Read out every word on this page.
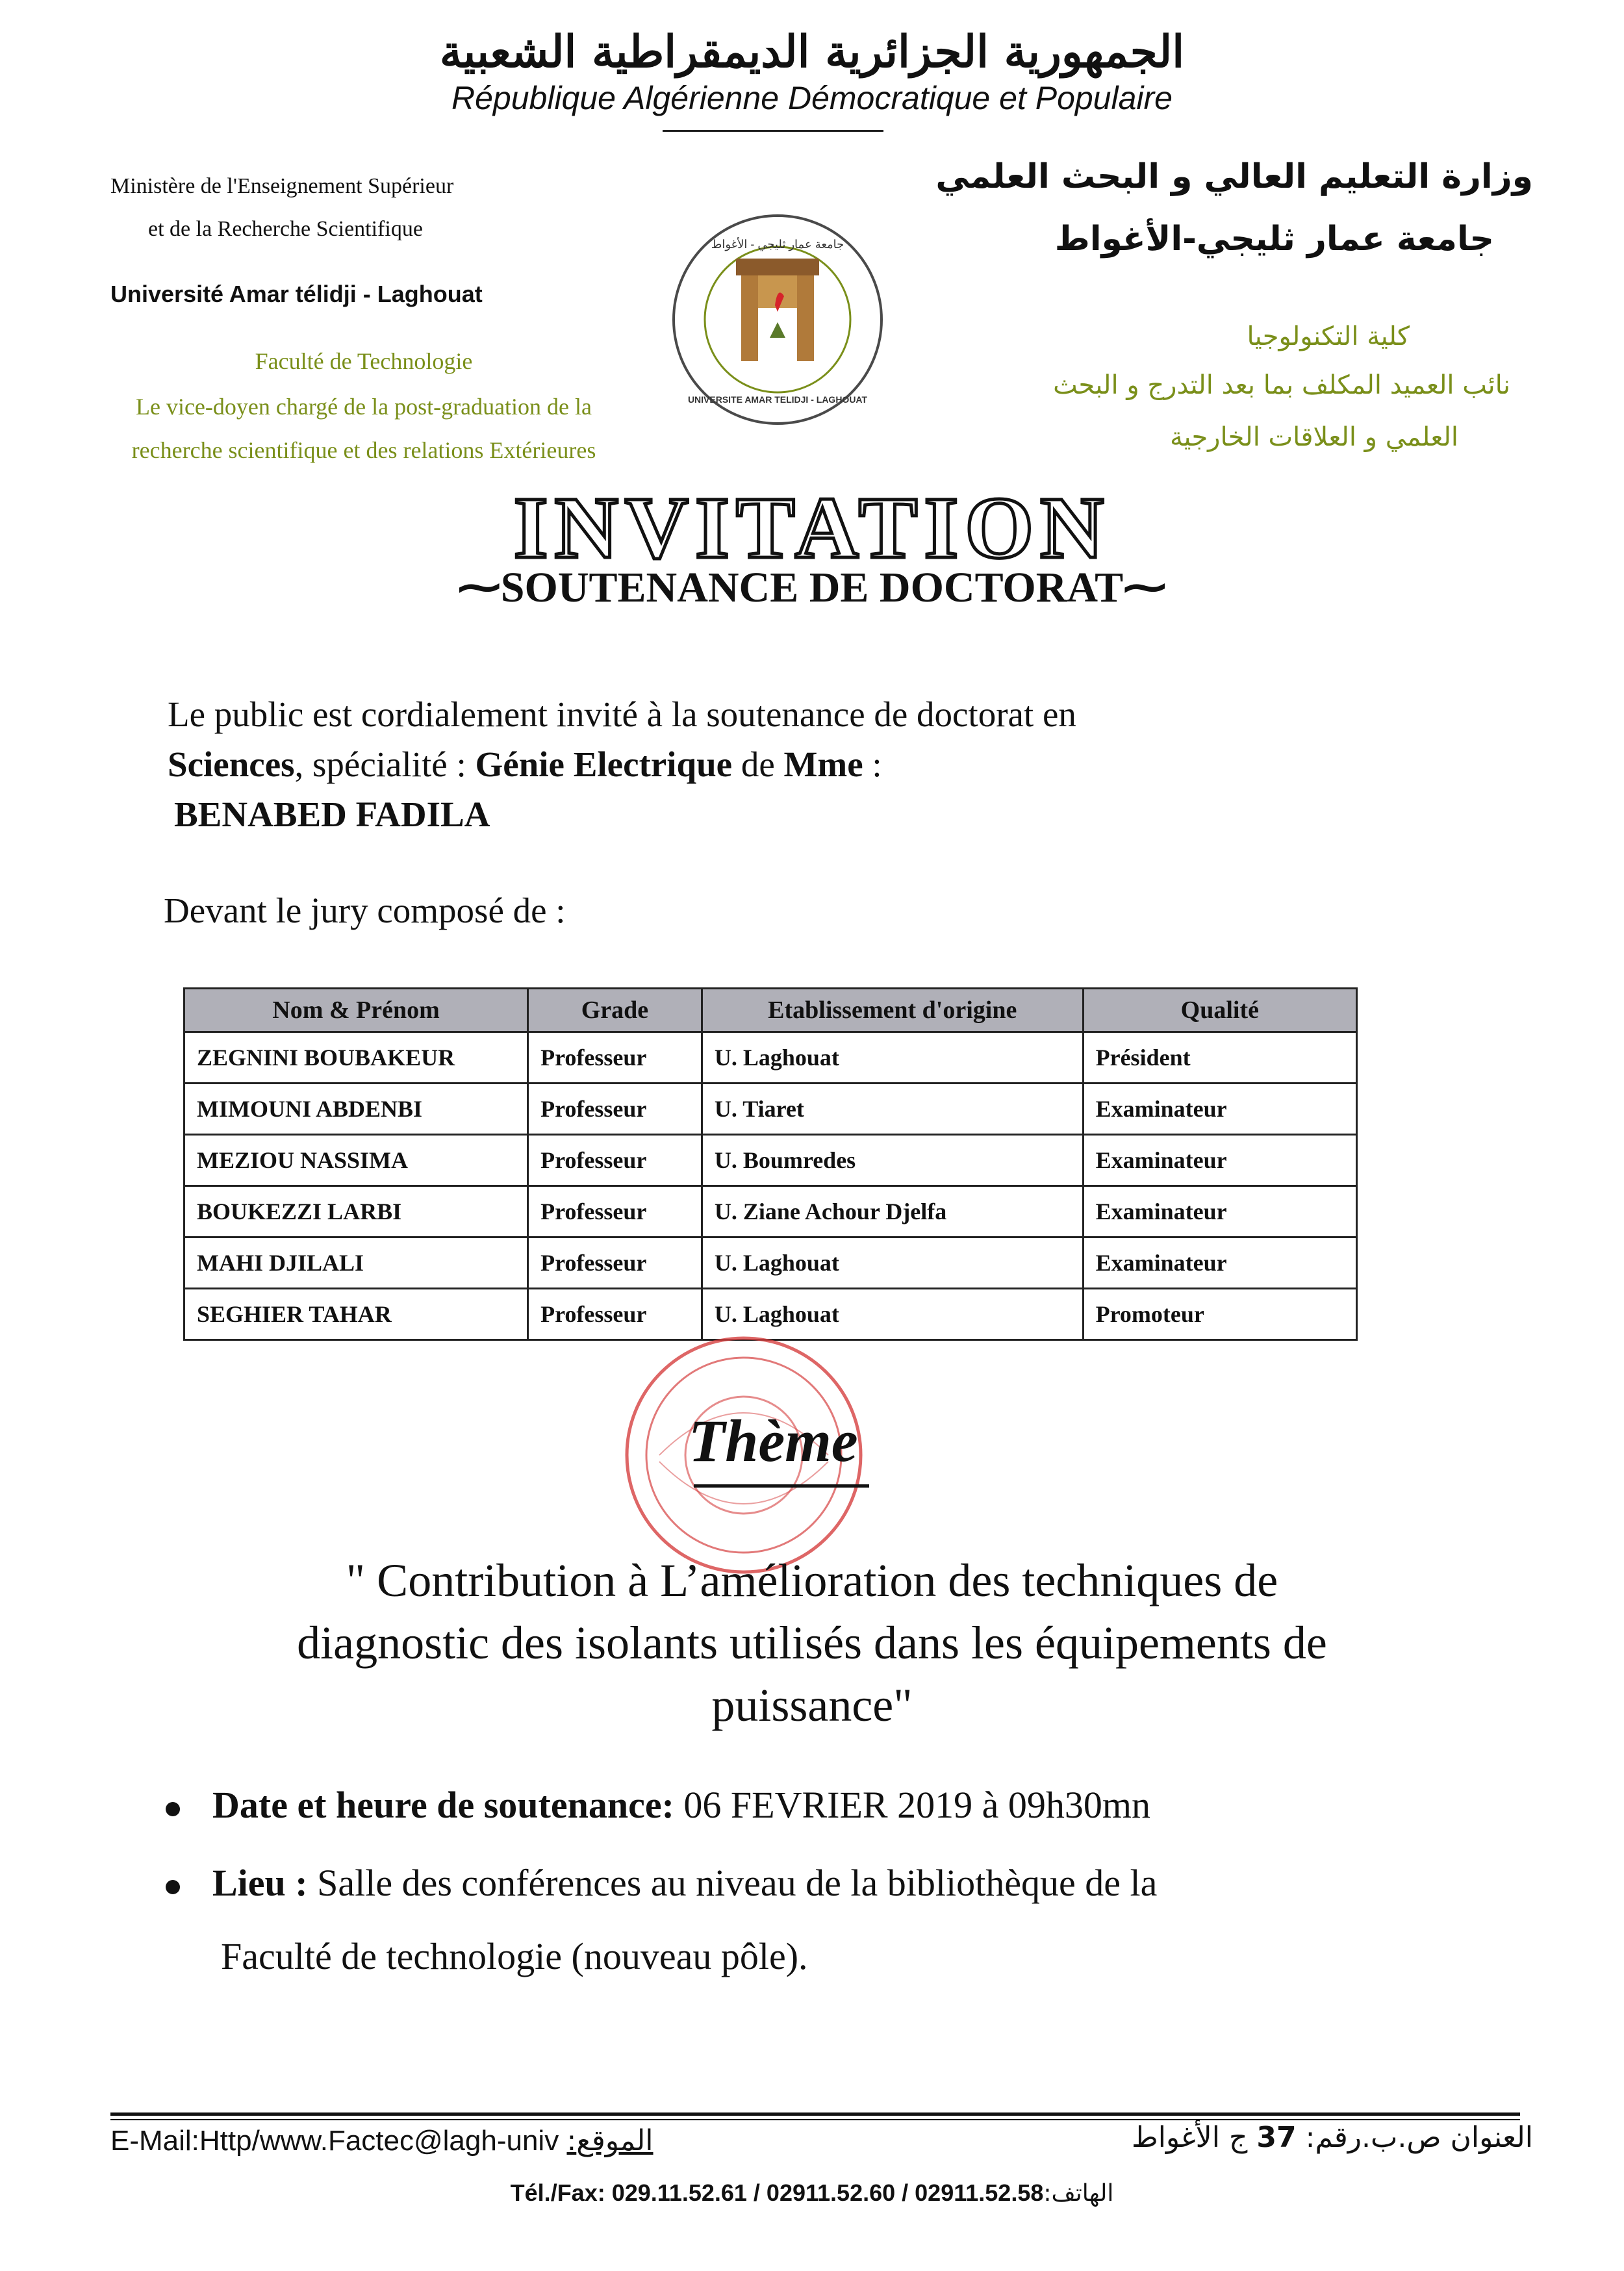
الجمهورية الجزائرية الديمقراطية الشعبية
République Algérienne Démocratique et Populaire
Ministère de l'Enseignement Supérieur
et de la Recherche Scientifique
Université Amar télidji - Laghouat
Faculté de Technologie
Le vice-doyen chargé de la post-graduation de la
recherche scientifique et des relations Extérieures
جامعة عمار ثليجي - الأغواط
UNIVERSITE AMAR TELIDJI - LAGHOUAT
وزارة التعليم العالي و البحث العلمي
جامعة عمار ثليجي-الأغواط
كلية التكنولوجيا
نائب العميد المكلف بما بعد التدرج و البحث
العلمي و العلاقات الخارجية
INVITATION
⁓SOUTENANCE DE DOCTORAT⁓
Le public est cordialement invité à la soutenance de doctorat en
Sciences, spécialité : Génie Electrique de Mme :
BENABED FADILA
Devant le jury composé de :
Nom & Prénom	Grade	Etablissement d'origine	Qualité
ZEGNINI BOUBAKEUR	Professeur	U. Laghouat	Président
MIMOUNI ABDENBI	Professeur	U. Tiaret	Examinateur
MEZIOU NASSIMA	Professeur	U. Boumredes	Examinateur
BOUKEZZI LARBI	Professeur	U. Ziane Achour Djelfa	Examinateur
MAHI DJILALI	Professeur	U. Laghouat	Examinateur
SEGHIER TAHAR	Professeur	U. Laghouat	Promoteur
Thème
" Contribution à L’amélioration des techniques de
diagnostic des isolants utilisés dans les équipements de
puissance"
Date et heure de soutenance: 06 FEVRIER 2019 à 09h30mn
Lieu : Salle des conférences au niveau de la bibliothèque de la
Faculté de technologie (nouveau pôle).
E-Mail:Http/www.Factec@lagh-univ :الموقع	العنوان ص.ب.رقم: 37 ج الأغواط
Tél./Fax: 029.11.52.61 / 02911.52.60 / 02911.52.58:الهاتف
